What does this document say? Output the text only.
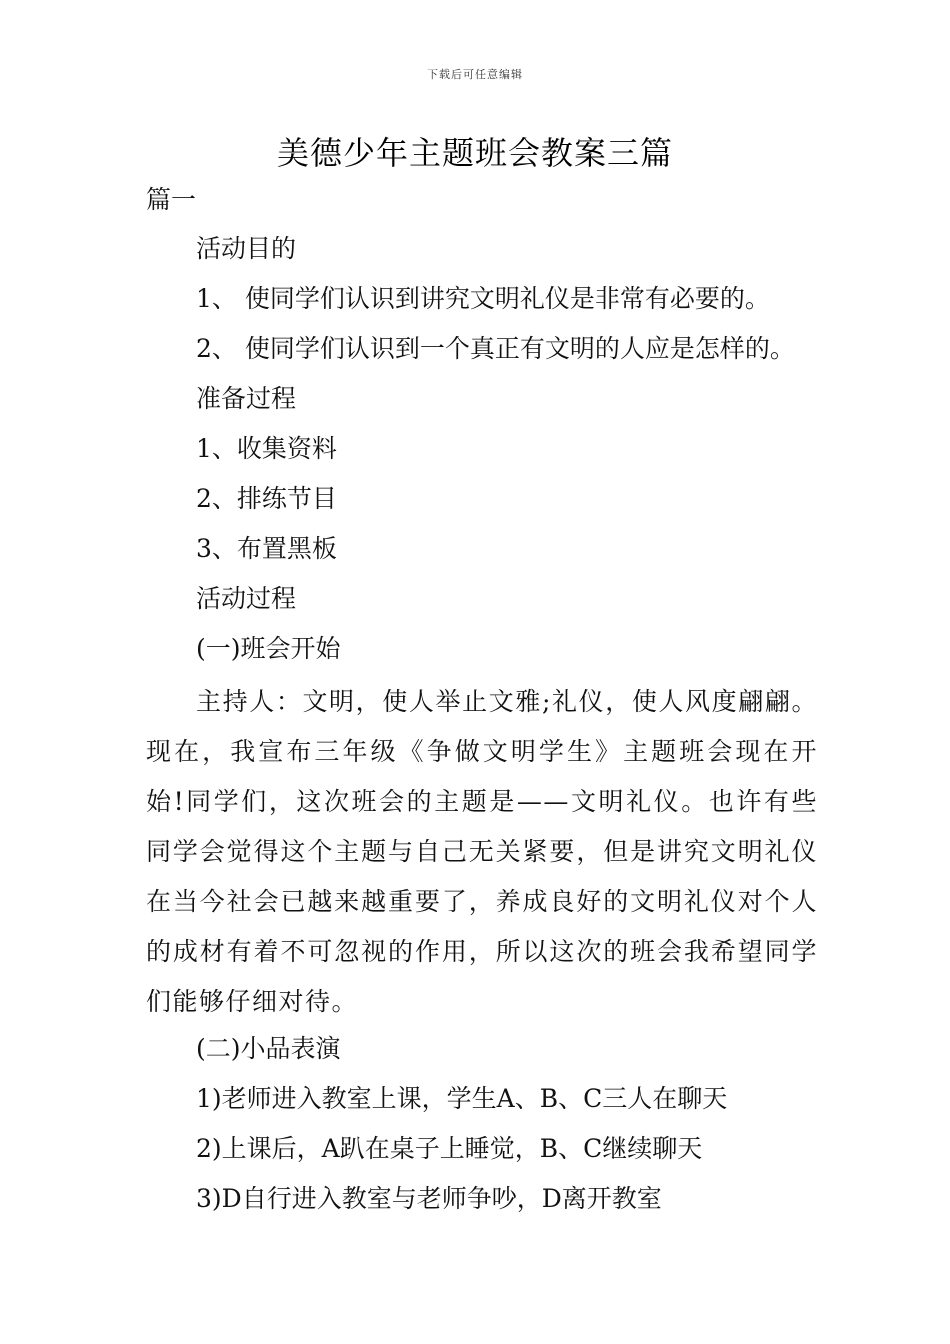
下载后可任意编辑
美德少年主题班会教案三篇
篇一
活动目的
1、 使同学们认识到讲究文明礼仪是非常有必要的。
2、 使同学们认识到一个真正有文明的人应是怎样的。
准备过程
1、收集资料
2、排练节目
3、布置黑板
活动过程
(一)班会开始
主持人：文明，使人举止文雅;礼仪，使人风度翩翩。现在，我宣布三年级《争做文明学生》主题班会现在开始!同学们，这次班会的主题是——文明礼仪。也许有些同学会觉得这个主题与自己无关紧要，但是讲究文明礼仪在当今社会已越来越重要了，养成良好的文明礼仪对个人的成材有着不可忽视的作用，所以这次的班会我希望同学们能够仔细对待。
(二)小品表演
1)老师进入教室上课，学生A、B、C三人在聊天
2)上课后，A趴在桌子上睡觉，B、C继续聊天
3)D自行进入教室与老师争吵，D离开教室
